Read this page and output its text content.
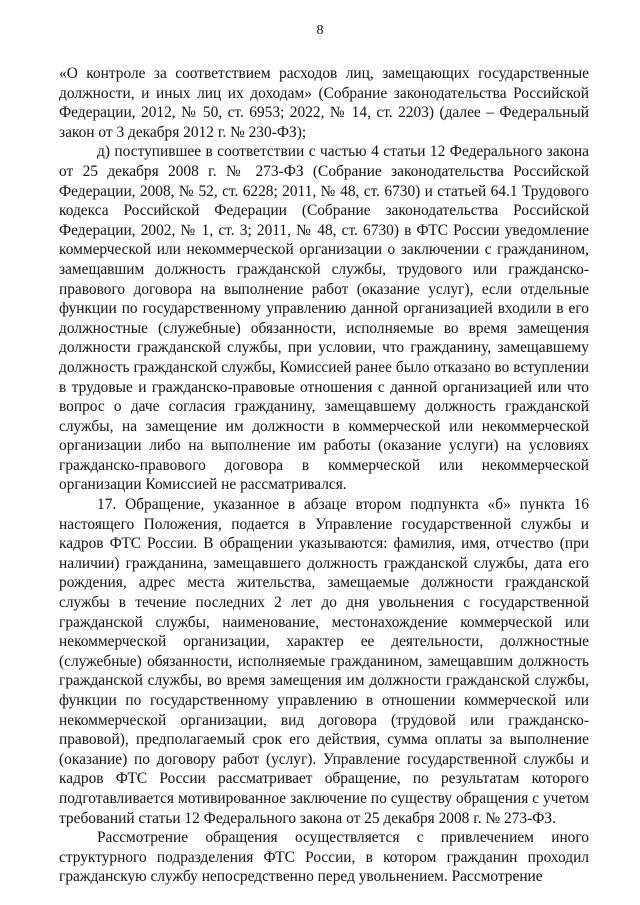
8

«О контроле за соответствием расходов лиц, замещающих государственные должности, и иных лиц их доходам» (Собрание законодательства Российской Федерации, 2012, № 50, ст. 6953; 2022, № 14, ст. 2203) (далее – Федеральный закон от 3 декабря 2012 г. № 230-ФЗ);

д) поступившее в соответствии с частью 4 статьи 12 Федерального закона от 25 декабря 2008 г. № 273-ФЗ (Собрание законодательства Российской Федерации, 2008, № 52, ст. 6228; 2011, № 48, ст. 6730) и статьей 64.1 Трудового кодекса Российской Федерации (Собрание законодательства Российской Федерации, 2002, № 1, ст. 3; 2011, № 48, ст. 6730) в ФТС России уведомление коммерческой или некоммерческой организации о заключении с гражданином, замещавшим должность гражданской службы, трудового или гражданско-правового договора на выполнение работ (оказание услуг), если отдельные функции по государственному управлению данной организацией входили в его должностные (служебные) обязанности, исполняемые во время замещения должности гражданской службы, при условии, что гражданину, замещавшему должность гражданской службы, Комиссией ранее было отказано во вступлении в трудовые и гражданско-правовые отношения с данной организацией или что вопрос о даче согласия гражданину, замещавшему должность гражданской службы, на замещение им должности в коммерческой или некоммерческой организации либо на выполнение им работы (оказание услуги) на условиях гражданско-правового договора в коммерческой или некоммерческой организации Комиссией не рассматривался.

17. Обращение, указанное в абзаце втором подпункта «б» пункта 16 настоящего Положения, подается в Управление государственной службы и кадров ФТС России. В обращении указываются: фамилия, имя, отчество (при наличии) гражданина, замещавшего должность гражданской службы, дата его рождения, адрес места жительства, замещаемые должности гражданской службы в течение последних 2 лет до дня увольнения с государственной гражданской службы, наименование, местонахождение коммерческой или некоммерческой организации, характер ее деятельности, должностные (служебные) обязанности, исполняемые гражданином, замещавшим должность гражданской службы, во время замещения им должности гражданской службы, функции по государственному управлению в отношении коммерческой или некоммерческой организации, вид договора (трудовой или гражданско-правовой), предполагаемый срок его действия, сумма оплаты за выполнение (оказание) по договору работ (услуг). Управление государственной службы и кадров ФТС России рассматривает обращение, по результатам которого подготавливается мотивированное заключение по существу обращения с учетом требований статьи 12 Федерального закона от 25 декабря 2008 г. № 273-ФЗ.

Рассмотрение обращения осуществляется с привлечением иного структурного подразделения ФТС России, в котором гражданин проходил гражданскую службу непосредственно перед увольнением. Рассмотрение
